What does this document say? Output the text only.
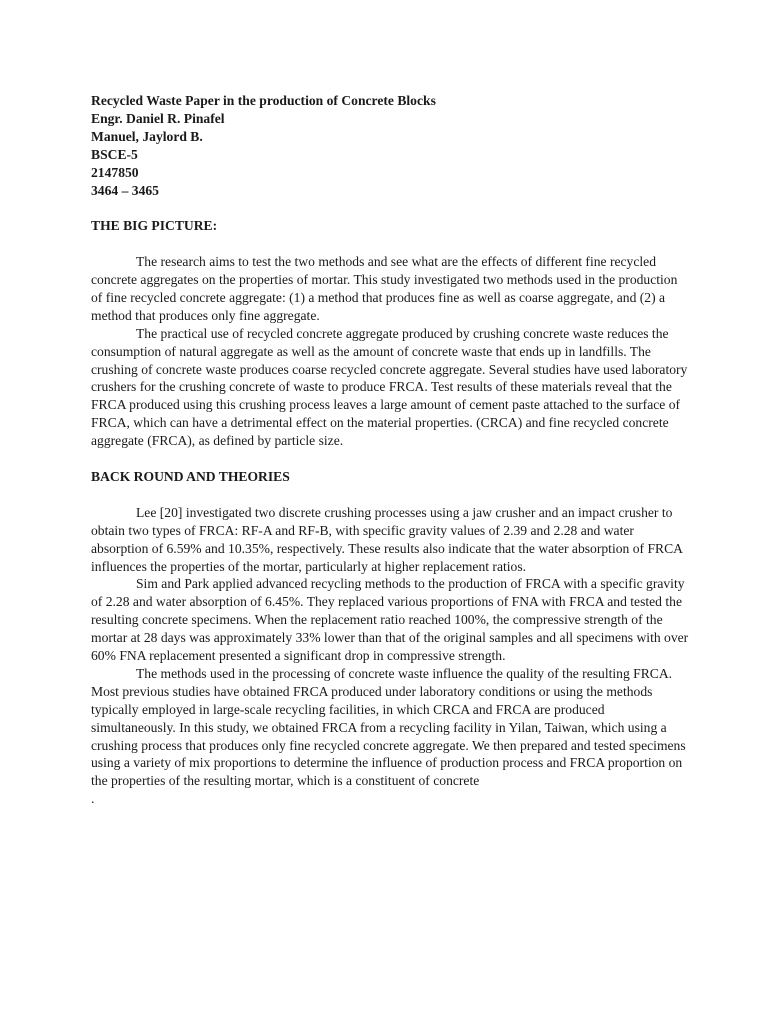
Recycled Waste Paper in the production of Concrete Blocks

Engr. Daniel R. Pinafel

Manuel, Jaylord B.

BSCE-5

2147850

3464 – 3465

THE BIG PICTURE:

The research aims to test the two methods and see what are the effects of different fine recycled concrete aggregates on the properties of mortar. This study investigated two methods used in the production of fine recycled concrete aggregate: (1) a method that produces fine as well as coarse aggregate, and (2) a method that produces only fine aggregate.

The practical use of recycled concrete aggregate produced by crushing concrete waste reduces the consumption of natural aggregate as well as the amount of concrete waste that ends up in landfills. The crushing of concrete waste produces coarse recycled concrete aggregate. Several studies have used laboratory crushers for the crushing concrete of waste to produce FRCA. Test results of these materials reveal that the FRCA produced using this crushing process leaves a large amount of cement paste attached to the surface of FRCA, which can have a detrimental effect on the material properties. (CRCA) and fine recycled concrete aggregate (FRCA), as defined by particle size.

BACK ROUND AND THEORIES

Lee [20] investigated two discrete crushing processes using a jaw crusher and an impact crusher to obtain two types of FRCA: RF-A and RF-B, with specific gravity values of 2.39 and 2.28 and water absorption of 6.59% and 10.35%, respectively. These results also indicate that the water absorption of FRCA influences the properties of the mortar, particularly at higher replacement ratios.

Sim and Park applied advanced recycling methods to the production of FRCA with a specific gravity of 2.28 and water absorption of 6.45%. They replaced various proportions of FNA with FRCA and tested the resulting concrete specimens. When the replacement ratio reached 100%, the compressive strength of the mortar at 28 days was approximately 33% lower than that of the original samples and all specimens with over 60% FNA replacement presented a significant drop in compressive strength.

The methods used in the processing of concrete waste influence the quality of the resulting FRCA. Most previous studies have obtained FRCA produced under laboratory conditions or using the methods typically employed in large-scale recycling facilities, in which CRCA and FRCA are produced simultaneously. In this study, we obtained FRCA from a recycling facility in Yilan, Taiwan, which using a crushing process that produces only fine recycled concrete aggregate. We then prepared and tested specimens using a variety of mix proportions to determine the influence of production process and FRCA proportion on the properties of the resulting mortar, which is a constituent of concrete

.
